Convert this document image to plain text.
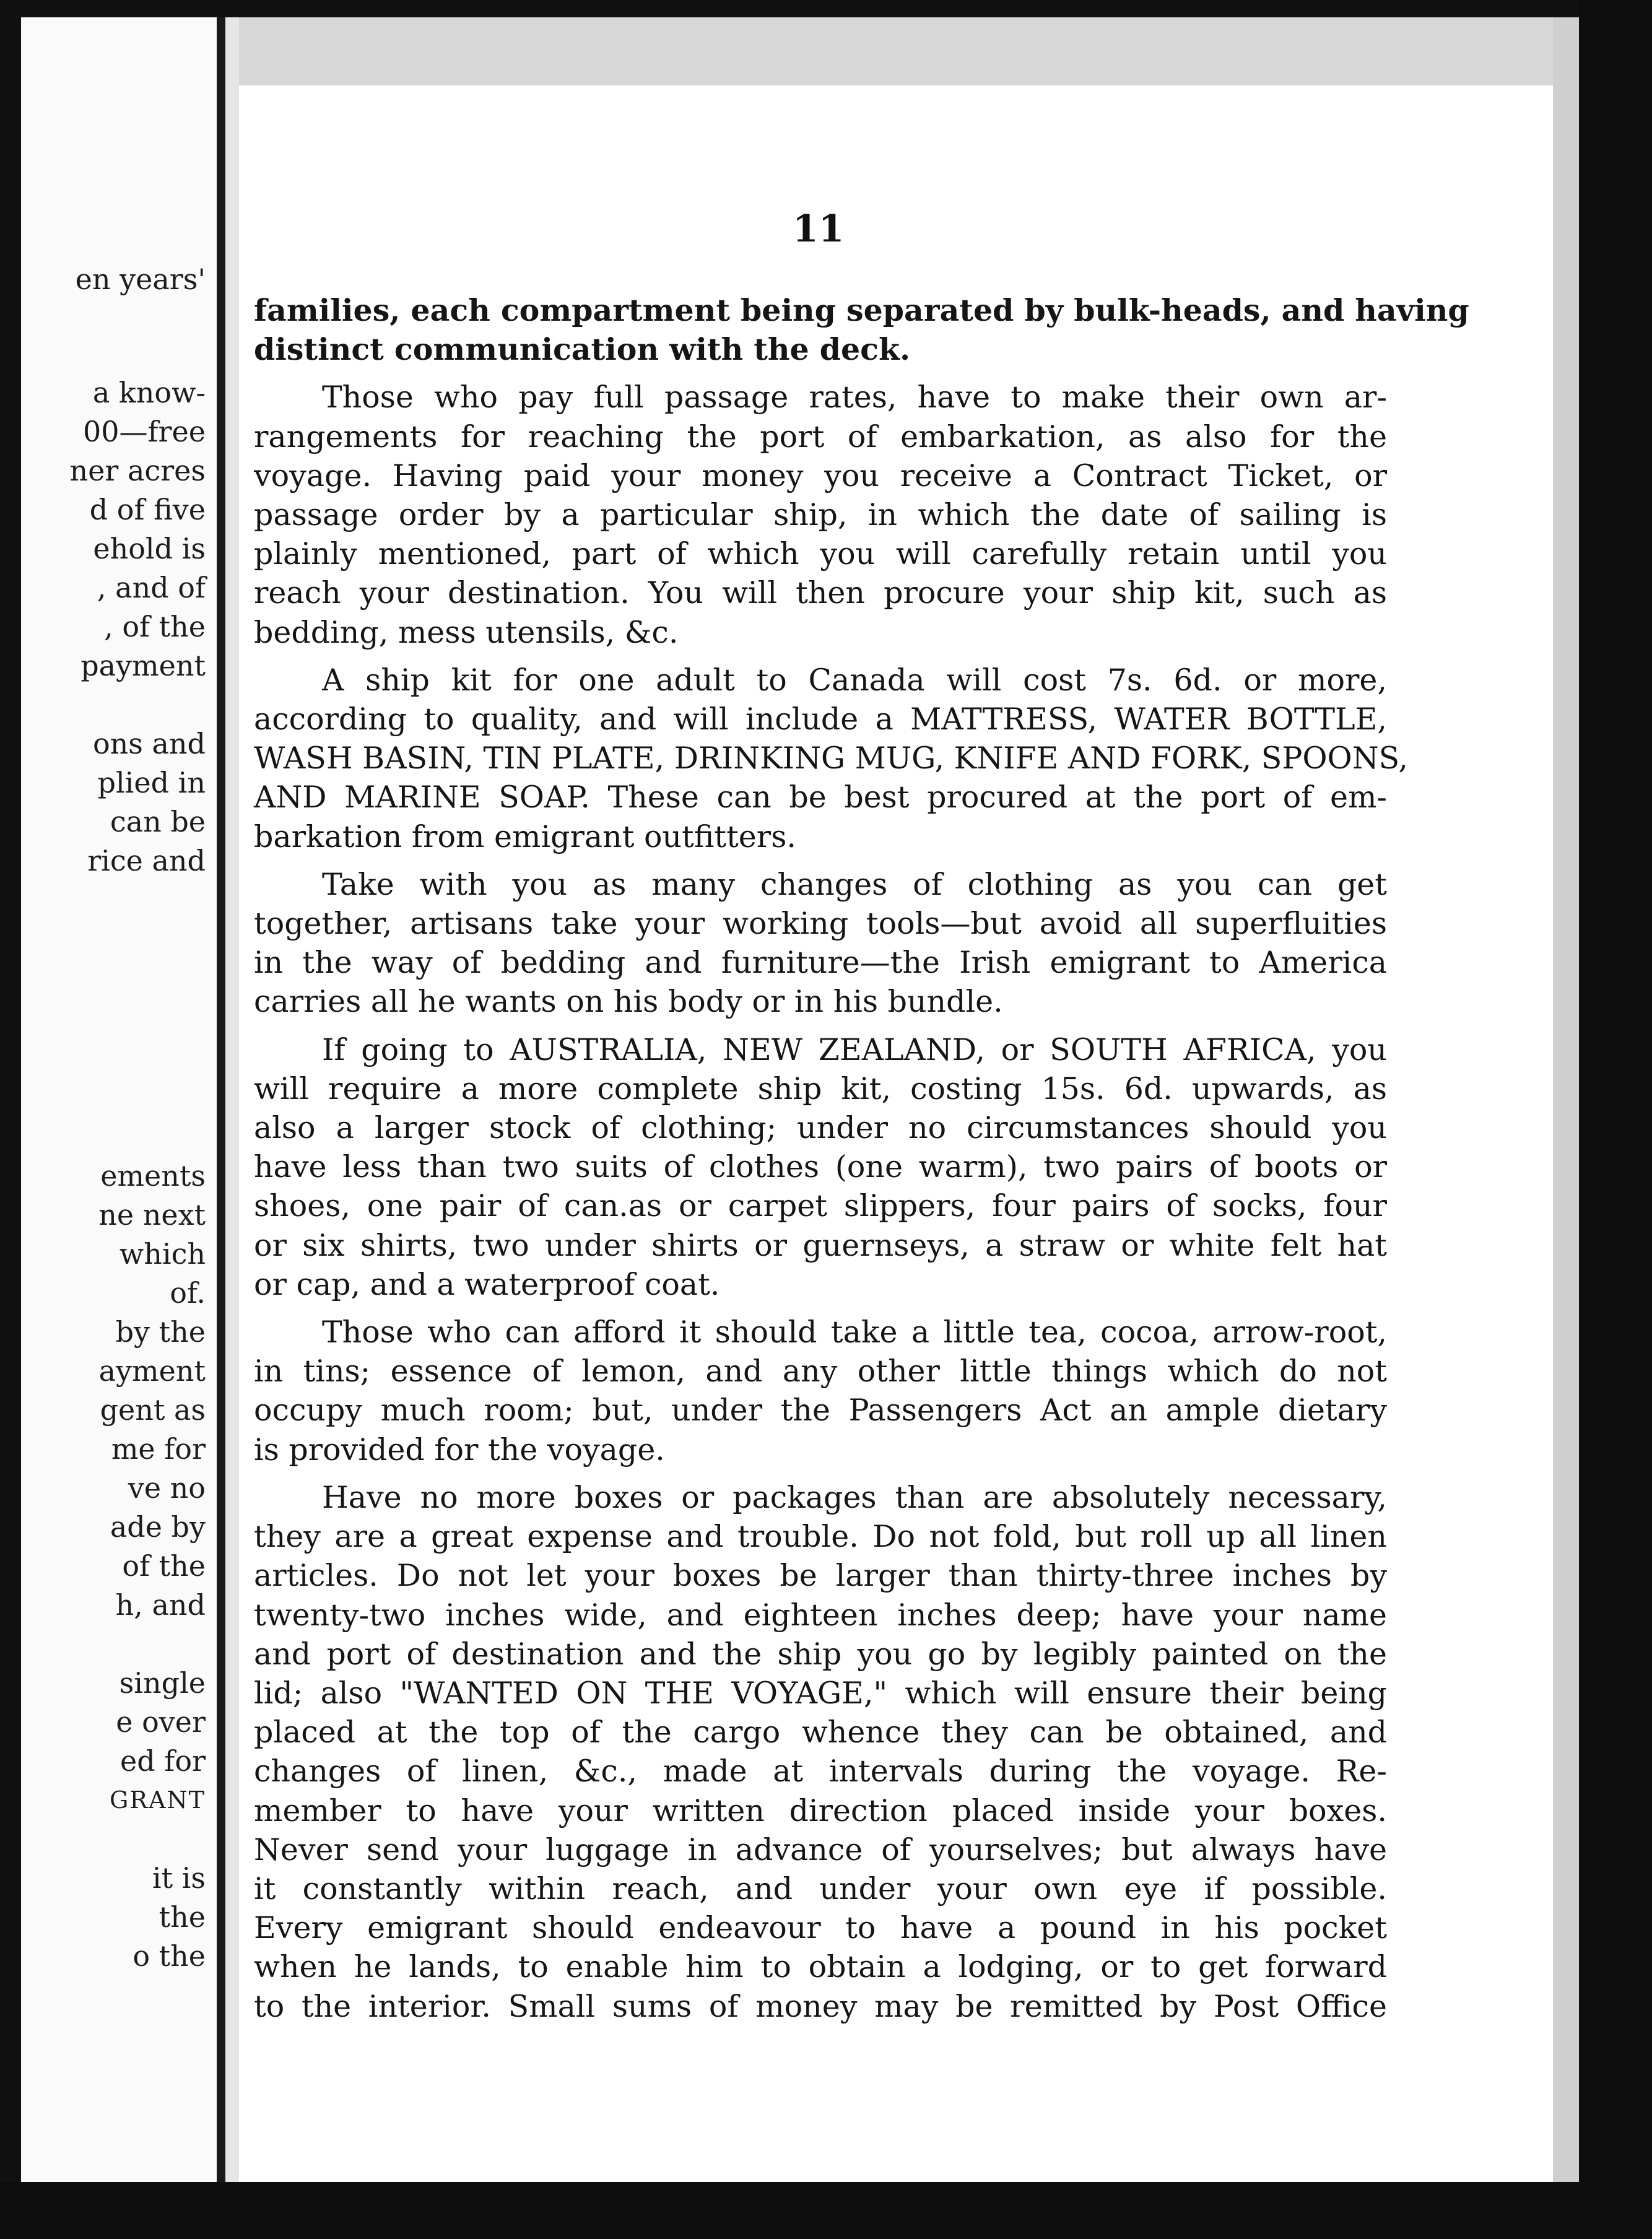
en years'
a know-
00—free
ner acres
d of five
ehold is
, and of
, of the
payment
ons and
plied in
can be
rice and
ements
ne next
which
of.
by the
ayment
gent as
me for
ve no
ade by
of the
h, and
single
e over
ed for
GRANT
it is
the
o the
11
families, each compartment being separated by bulk-heads, and having
distinct communication with the deck.
Those who pay full passage rates, have to make their own ar-
rangements for reaching the port of embarkation, as also for the
voyage. Having paid your money you receive a Contract Ticket, or
passage order by a particular ship, in which the date of sailing is
plainly mentioned, part of which you will carefully retain until you
reach your destination. You will then procure your ship kit, such as
bedding, mess utensils, &c.
A ship kit for one adult to Canada will cost 7s. 6d. or more,
according to quality, and will include a MATTRESS, WATER BOTTLE,
WASH BASIN, TIN PLATE, DRINKING MUG, KNIFE AND FORK, SPOONS,
AND MARINE SOAP. These can be best procured at the port of em-
barkation from emigrant outfitters.
Take with you as many changes of clothing as you can get
together, artisans take your working tools—but avoid all superfluities
in the way of bedding and furniture—the Irish emigrant to America
carries all he wants on his body or in his bundle.
If going to AUSTRALIA, NEW ZEALAND, or SOUTH AFRICA, you
will require a more complete ship kit, costing 15s. 6d. upwards, as
also a larger stock of clothing; under no circumstances should you
have less than two suits of clothes (one warm), two pairs of boots or
shoes, one pair of can.as or carpet slippers, four pairs of socks, four
or six shirts, two under shirts or guernseys, a straw or white felt hat
or cap, and a waterproof coat.
Those who can afford it should take a little tea, cocoa, arrow-root,
in tins; essence of lemon, and any other little things which do not
occupy much room; but, under the Passengers Act an ample dietary
is provided for the voyage.
Have no more boxes or packages than are absolutely necessary,
they are a great expense and trouble. Do not fold, but roll up all linen
articles. Do not let your boxes be larger than thirty-three inches by
twenty-two inches wide, and eighteen inches deep; have your name
and port of destination and the ship you go by legibly painted on the
lid; also "WANTED ON THE VOYAGE," which will ensure their being
placed at the top of the cargo whence they can be obtained, and
changes of linen, &c., made at intervals during the voyage. Re-
member to have your written direction placed inside your boxes.
Never send your luggage in advance of yourselves; but always have
it constantly within reach, and under your own eye if possible.
Every emigrant should endeavour to have a pound in his pocket
when he lands, to enable him to obtain a lodging, or to get forward
to the interior. Small sums of money may be remitted by Post Office
